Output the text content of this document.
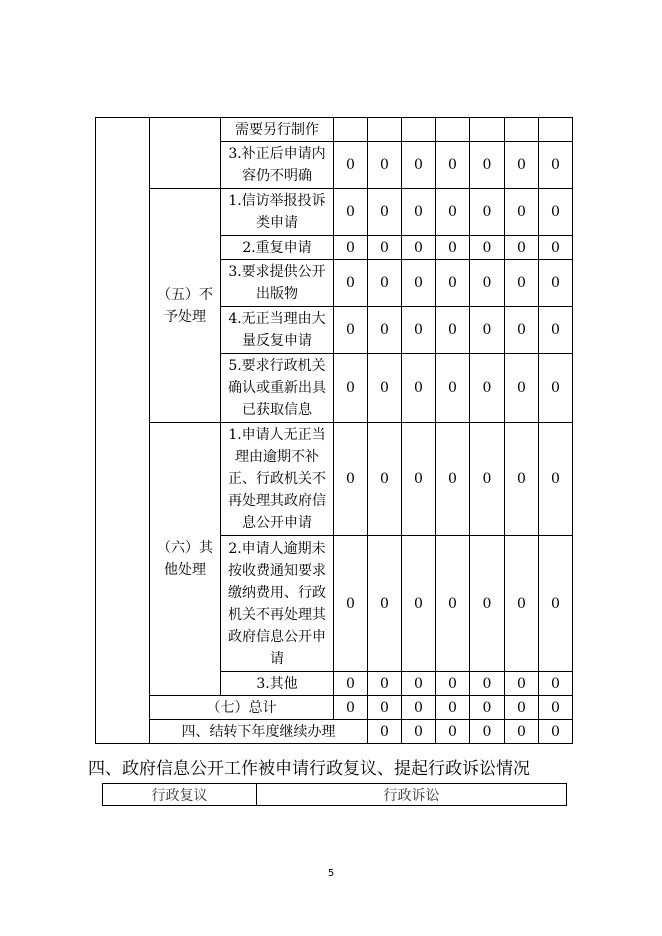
		需要另行制作								
		3.补正后申请内容仍不明确	0	0	0	0	0	0	0	
	（五）不予处理	1.信访举报投诉类申请	0	0	0	0	0	0	0	
		2.重复申请	0	0	0	0	0	0	0	
		3.要求提供公开出版物	0	0	0	0	0	0	0	
		4.无正当理由大量反复申请	0	0	0	0	0	0	0	
		5.要求行政机关确认或重新出具已获取信息	0	0	0	0	0	0	0	
	（六）其他处理	1.申请人无正当理由逾期不补正、行政机关不再处理其政府信息公开申请	0	0	0	0	0	0	0	
		2.申请人逾期未按收费通知要求缴纳费用、行政机关不再处理其政府信息公开申请	0	0	0	0	0	0	0	
		3.其他	0	0	0	0	0	0	0	
	（七）总计		0	0	0	0	0	0	0	
	四、结转下年度继续办理			0	0	0	0	0	0	
四、政府信息公开工作被申请行政复议、提起行政诉讼情况
行政复议	行政诉讼
5
